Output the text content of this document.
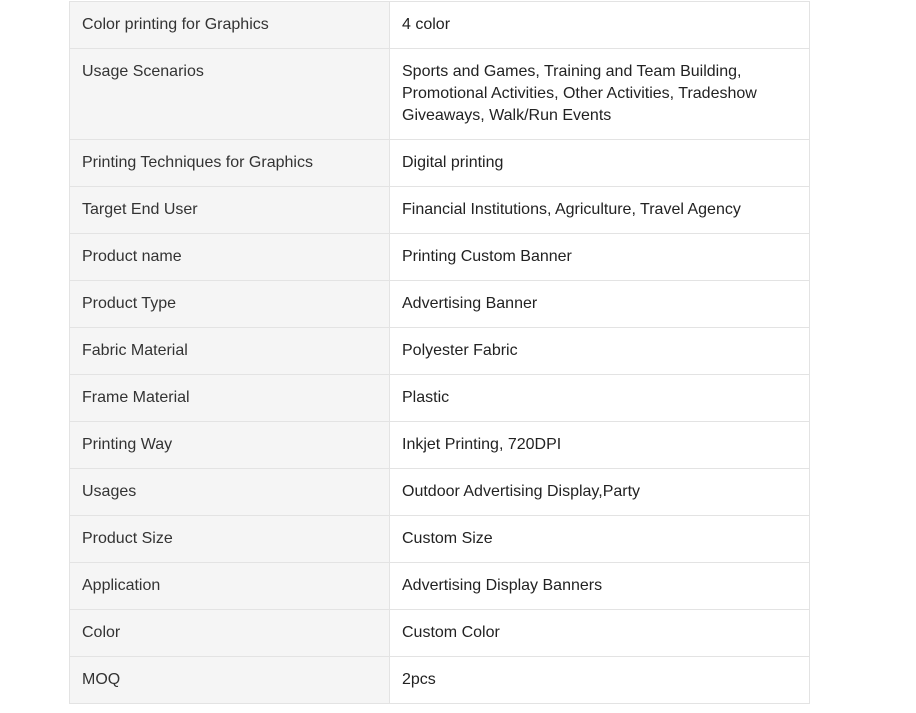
Color printing for Graphics	4 color
Usage Scenarios	Sports and Games, Training and Team Building, Promotional Activities, Other Activities, Tradeshow Giveaways, Walk/Run Events
Printing Techniques for Graphics	Digital printing
Target End User	Financial Institutions, Agriculture, Travel Agency
Product name	Printing Custom Banner
Product Type	Advertising Banner
Fabric Material	Polyester Fabric
Frame Material	Plastic
Printing Way	Inkjet Printing, 720DPI
Usages	Outdoor Advertising Display,Party
Product Size	Custom Size
Application	Advertising Display Banners
Color	Custom Color
MOQ	2pcs
